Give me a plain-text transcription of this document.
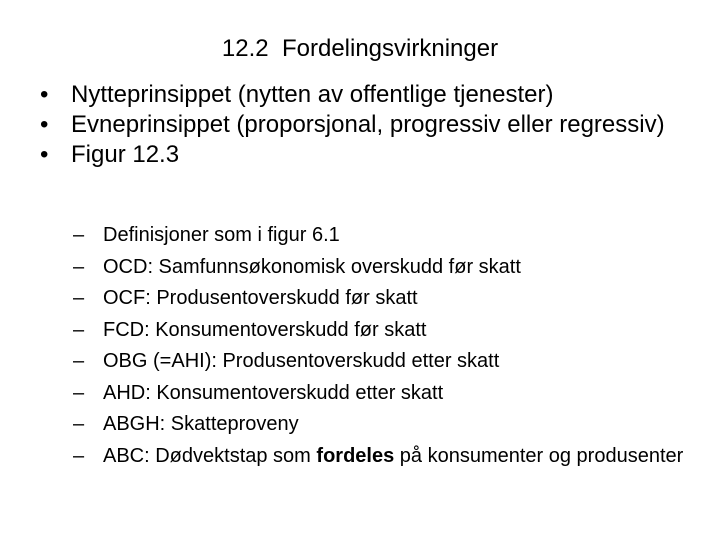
12.2  Fordelingsvirkninger
• Nytteprinsippet (nytten av offentlige tjenester)
• Evneprinsippet (proporsjonal, progressiv eller regressiv)
• Figur 12.3
– Definisjoner som i figur 6.1
– OCD: Samfunnsøkonomisk overskudd før skatt
– OCF: Produsentoverskudd før skatt
– FCD: Konsumentoverskudd før skatt
– OBG (=AHI): Produsentoverskudd etter skatt
– AHD: Konsumentoverskudd etter skatt
– ABGH: Skatteproveny
– ABC: Dødvektstap som fordeles på konsumenter og produsenter
